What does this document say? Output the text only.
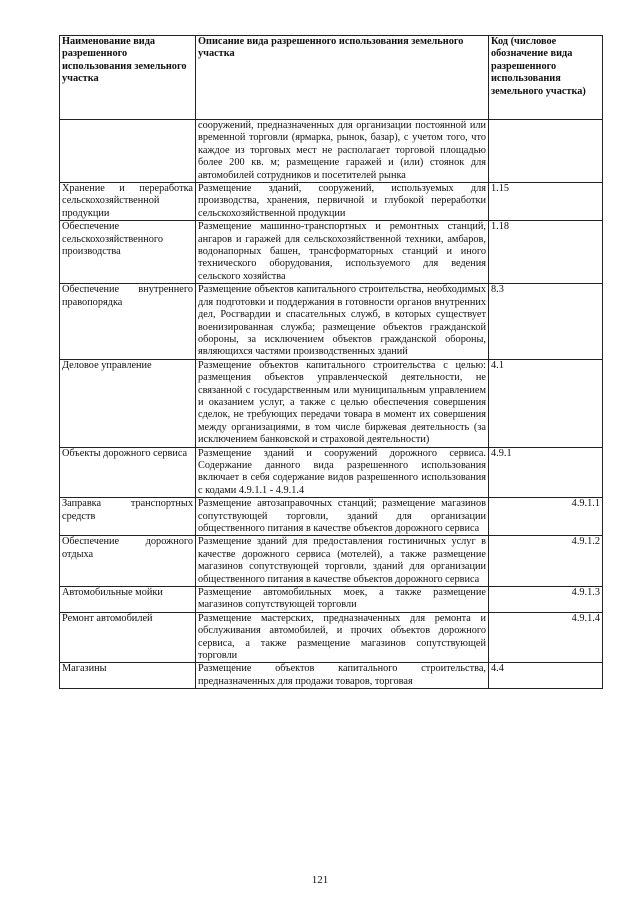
Наименование вида разрешенного использования земельного участка	Описание вида разрешенного использования земельного участка	Код (числовое обозначение вида разрешенного использования земельного участка)
	сооружений, предназначенных для организации постоянной или временной торговли (ярмарка, рынок, базар), с учетом того, что каждое из торговых мест не располагает торговой площадью более 200 кв. м; размещение гаражей и (или) стоянок для автомобилей сотрудников и посетителей рынка	
Хранение и переработка сельскохозяйственной продукции	Размещение зданий, сооружений, используемых для производства, хранения, первичной и глубокой переработки сельскохозяйственной продукции	1.15
Обеспечение сельскохозяйственного производства	Размещение машинно-транспортных и ремонтных станций, ангаров и гаражей для сельскохозяйственной техники, амбаров, водонапорных башен, трансформаторных станций и иного технического оборудования, используемого для ведения сельского хозяйства	1.18
Обеспечение внутреннего правопорядка	Размещение объектов капитального строительства, необходимых для подготовки и поддержания в готовности органов внутренних дел, Росгвардии и спасательных служб, в которых существует военизированная служба; размещение объектов гражданской обороны, за исключением объектов гражданской обороны, являющихся частями производственных зданий	8.3
Деловое управление	Размещение объектов капитального строительства с целью: размещения объектов управленческой деятельности, не связанной с государственным или муниципальным управлением и оказанием услуг, а также с целью обеспечения совершения сделок, не требующих передачи товара в момент их совершения между организациями, в том числе биржевая деятельность (за исключением банковской и страховой деятельности)	4.1
Объекты дорожного сервиса	Размещение зданий и сооружений дорожного сервиса. Содержание данного вида разрешенного использования включает в себя содержание видов разрешенного использования с кодами 4.9.1.1 - 4.9.1.4	4.9.1
Заправка транспортных средств	Размещение автозаправочных станций; размещение магазинов сопутствующей торговли, зданий для организации общественного питания в качестве объектов дорожного сервиса	4.9.1.1
Обеспечение дорожного отдыха	Размещение зданий для предоставления гостиничных услуг в качестве дорожного сервиса (мотелей), а также размещение магазинов сопутствующей торговли, зданий для организации общественного питания в качестве объектов дорожного сервиса	4.9.1.2
Автомобильные мойки	Размещение автомобильных моек, а также размещение магазинов сопутствующей торговли	4.9.1.3
Ремонт автомобилей	Размещение мастерских, предназначенных для ремонта и обслуживания автомобилей, и прочих объектов дорожного сервиса, а также размещение магазинов сопутствующей торговли	4.9.1.4
Магазины	Размещение объектов капитального строительства, предназначенных для продажи товаров, торговая	4.4
121
